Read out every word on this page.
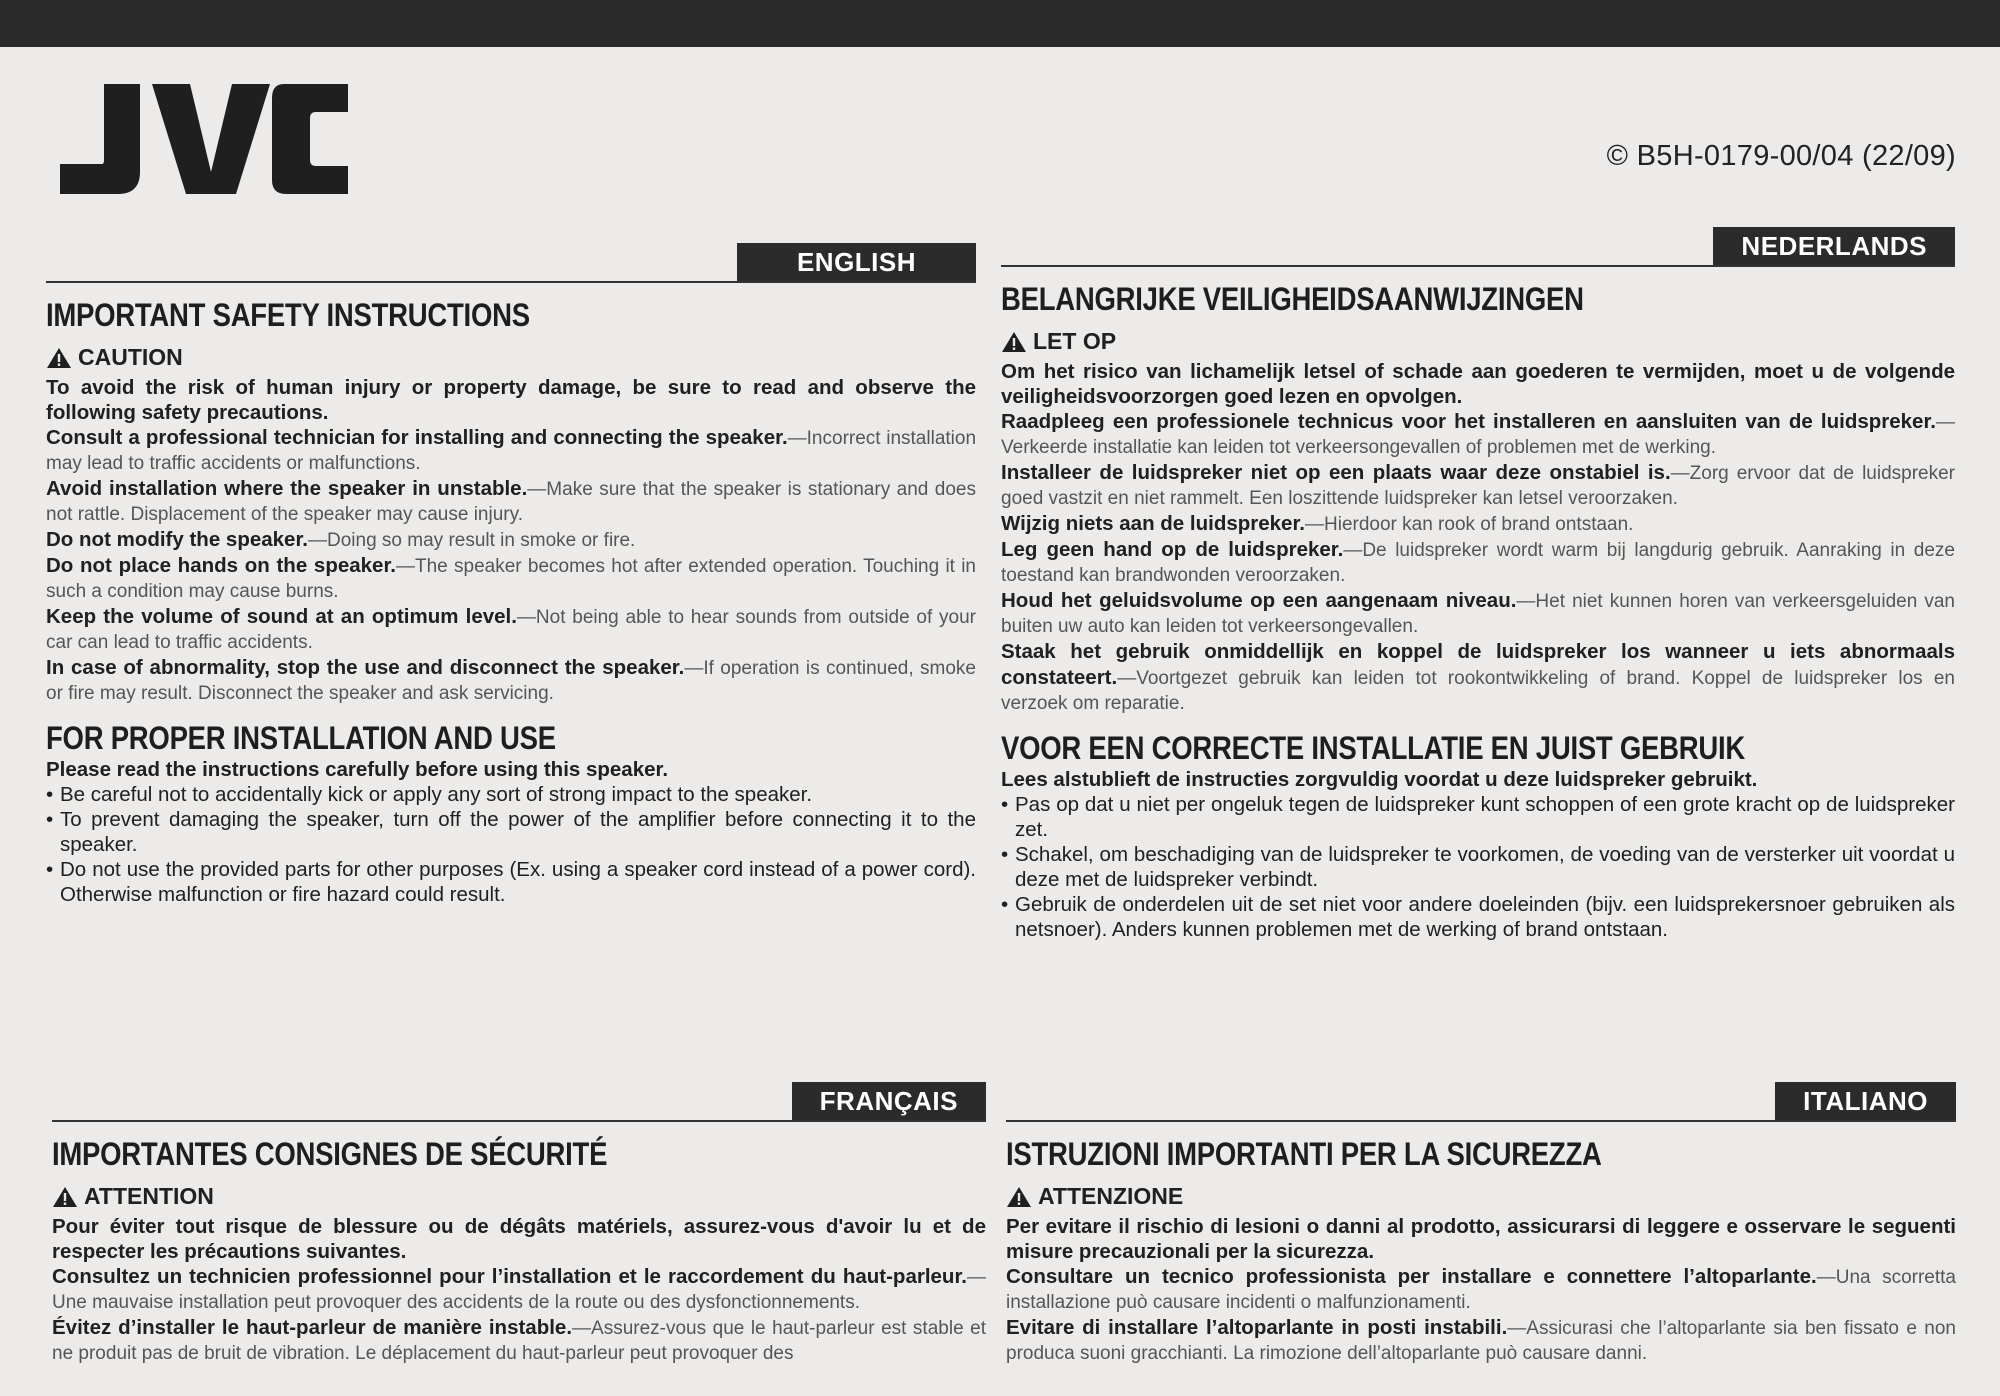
© B5H-0179-00/04 (22/09)
ENGLISH
IMPORTANT SAFETY INSTRUCTIONS
CAUTION
To avoid the risk of human injury or property damage, be sure to read and observe the following safety precautions.
Consult a professional technician for installing and connecting the speaker.—Incorrect installation may lead to traffic accidents or malfunctions.
Avoid installation where the speaker in unstable.—Make sure that the speaker is stationary and does not rattle. Displacement of the speaker may cause injury.
Do not modify the speaker.—Doing so may result in smoke or fire.
Do not place hands on the speaker.—The speaker becomes hot after extended operation. Touching it in such a condition may cause burns.
Keep the volume of sound at an optimum level.—Not being able to hear sounds from outside of your car can lead to traffic accidents.
In case of abnormality, stop the use and disconnect the speaker.—If operation is continued, smoke or fire may result. Disconnect the speaker and ask servicing.
FOR PROPER INSTALLATION AND USE
Please read the instructions carefully before using this speaker.
• Be careful not to accidentally kick or apply any sort of strong impact to the speaker.
• To prevent damaging the speaker, turn off the power of the amplifier before connecting it to the speaker.
• Do not use the provided parts for other purposes (Ex. using a speaker cord instead of a power cord). Otherwise malfunction or fire hazard could result.
NEDERLANDS
BELANGRIJKE VEILIGHEIDSAANWIJZINGEN
LET OP
Om het risico van lichamelijk letsel of schade aan goederen te vermijden, moet u de volgende veiligheidsvoorzorgen goed lezen en opvolgen.
Raadpleeg een professionele technicus voor het installeren en aansluiten van de luidspreker.—Verkeerde installatie kan leiden tot verkeersongevallen of problemen met de werking.
Installeer de luidspreker niet op een plaats waar deze onstabiel is.—Zorg ervoor dat de luidspreker goed vastzit en niet rammelt. Een loszittende luidspreker kan letsel veroorzaken.
Wijzig niets aan de luidspreker.—Hierdoor kan rook of brand ontstaan.
Leg geen hand op de luidspreker.—De luidspreker wordt warm bij langdurig gebruik. Aanraking in deze toestand kan brandwonden veroorzaken.
Houd het geluidsvolume op een aangenaam niveau.—Het niet kunnen horen van verkeersgeluiden van buiten uw auto kan leiden tot verkeersongevallen.
Staak het gebruik onmiddellijk en koppel de luidspreker los wanneer u iets abnormaals constateert.—Voortgezet gebruik kan leiden tot rookontwikkeling of brand. Koppel de luidspreker los en verzoek om reparatie.
VOOR EEN CORRECTE INSTALLATIE EN JUIST GEBRUIK
Lees alstublieft de instructies zorgvuldig voordat u deze luidspreker gebruikt.
• Pas op dat u niet per ongeluk tegen de luidspreker kunt schoppen of een grote kracht op de luidspreker zet.
• Schakel, om beschadiging van de luidspreker te voorkomen, de voeding van de versterker uit voordat u deze met de luidspreker verbindt.
• Gebruik de onderdelen uit de set niet voor andere doeleinden (bijv. een luidsprekersnoer gebruiken als netsnoer). Anders kunnen problemen met de werking of brand ontstaan.
FRANÇAIS
IMPORTANTES CONSIGNES DE SÉCURITÉ
ATTENTION
Pour éviter tout risque de blessure ou de dégâts matériels, assurez-vous d'avoir lu et de respecter les précautions suivantes.
Consultez un technicien professionnel pour l’installation et le raccordement du haut-parleur.—Une mauvaise installation peut provoquer des accidents de la route ou des dysfonctionnements.
Évitez d’installer le haut-parleur de manière instable.—Assurez-vous que le haut-parleur est stable et ne produit pas de bruit de vibration. Le déplacement du haut-parleur peut provoquer des
ITALIANO
ISTRUZIONI IMPORTANTI PER LA SICUREZZA
ATTENZIONE
Per evitare il rischio di lesioni o danni al prodotto, assicurarsi di leggere e osservare le seguenti misure precauzionali per la sicurezza.
Consultare un tecnico professionista per installare e connettere l’altoparlante.—Una scorretta installazione può causare incidenti o malfunzionamenti.
Evitare di installare l’altoparlante in posti instabili.—Assicurasi che l’altoparlante sia ben fissato e non produca suoni gracchianti. La rimozione dell’altoparlante può causare danni.
